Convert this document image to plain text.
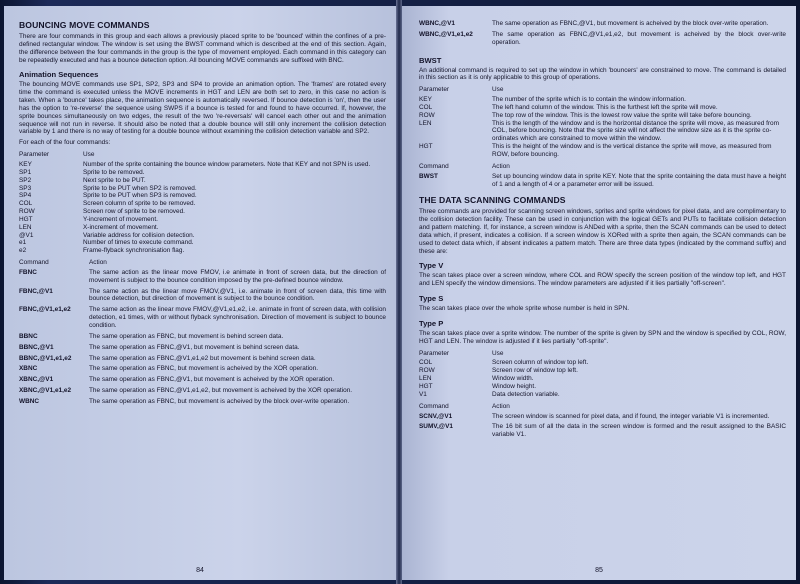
BOUNCING MOVE COMMANDS

There are four commands in this group and each allows a previously placed sprite to be 'bounced' within the confines of a pre-defined rectangular window. The window is set using the BWST command which is described at the end of this section. Again, the difference between the four commands in the group is the type of movement employed. Each command in this category can be repeatedly executed and has a bounce detection option. All bouncing MOVE commands are suffixed with BNC.

Animation Sequences

The bouncing MOVE commands use SP1, SP2, SP3 and SP4 to provide an animation option. The 'frames' are rotated every time the command is executed unless the MOVE increments in HGT and LEN are both set to zero, in this case no action is taken. When a 'bounce' takes place, the animation sequence is automatically reversed. If bounce detection is 'on', then the user has the option to 're-reverse' the sequence using SWPS if a bounce is tested for and found to have occurred. If, however, the sprite bounces simultaneously on two edges, the result of the two 're-reversals' will cancel each other out and the animation sequence will not run in reverse. It should also be noted that a double bounce will still only increment the collision detection variable by 1 and there is no way of testing for a double bounce without examining the collision detection variable and SP2.

For each of the four commands:

Parameter	Use
KEY	Number of the sprite containing the bounce window parameters. Note that KEY and not SPN is used.
SP1	Sprite to be removed.
SP2	Next sprite to be PUT.
SP3	Sprite to be PUT when SP2 is removed.
SP4	Sprite to be PUT when SP3 is removed.
COL	Screen column of sprite to be removed.
ROW	Screen row of sprite to be removed.
HGT	Y-increment of movement.
LEN	X-increment of movement.
@V1	Variable address for collision detection.
e1	Number of times to execute command.
e2	Frame-flyback synchronisation flag.
Command	Action
FBNC	The same action as the linear move FMOV, i.e animate in front of screen data, but the direction of movement is subject to the bounce condition imposed by the pre-defined bounce window.
FBNC,@V1	The same action as the linear move FMOV,@V1, i.e. animate in front of screen data, this time with bounce detection, but direction of movement is subject to the bounce condition.
FBNC,@V1,e1,e2	The same action as the linear move FMOV,@V1,e1,e2, i.e. animate in front of screen data, with collision detection, e1 times, with or without flyback synchronisation. Direction of movement is subject to bounce condition.
BBNC	The same operation as FBNC, but movement is behind screen data.
BBNC,@V1	The same operation as FBNC,@V1, but movement is behind screen data.
BBNC,@V1,e1,e2	The same operation as FBNC,@V1,e1,e2 but movement is behind screen data.
XBNC	The same operation as FBNC, but movement is acheived by the XOR operation.
XBNC,@V1	The same operation as FBNC,@V1, but movement is acheived by the XOR operation.
XBNC,@V1,e1,e2	The same operation as FBNC,@V1,e1,e2, but movement is acheived by the XOR operation.
WBNC	The same operation as FBNC, but movement is acheived by the block over-write operation.
84
WBNC,@V1	The same operation as FBNC,@V1, but movement is acheived by the block over-write operation.
WBNC,@V1,e1,e2	The same operation as FBNC,@V1,e1,e2, but movement is acheived by the block over-write operation.
BWST

An additional command is required to set up the window in which 'bouncers' are constrained to move. The command is detailed in this section as it is only applicable to this group of operations.

Parameter	Use
KEY	The number of the sprite which is to contain the window information.
COL	The left hand column of the window. This is the furthest left the sprite will move.
ROW	The top row of the window. This is the lowest row value the sprite will take before bouncing.
LEN	This is the length of the window and is the horizontal distance the sprite will move, as measured from COL, before bouncing. Note that the sprite size will not affect the window size as it is the sprite co-ordinates which are constrained to move within the window.
HGT	This is the height of the window and is the vertical distance the sprite will move, as measured from ROW, before bouncing.
Command	Action
BWST	Set up bouncing window data in sprite KEY. Note that the sprite containing the data must have a height of 1 and a length of 4 or a parameter error will be issued.
THE DATA SCANNING COMMANDS

Three commands are provided for scanning screen windows, sprites and sprite windows for pixel data, and are complimentary to the collision detection facility. These can be used in conjunction with the logical GETs and PUTs to facilitate collision detection and pattern matching. If, for instance, a screen window is ANDed with a sprite, then the SCAN commands can be used to detect data which, if present, indicates a collision. If a screen window is XORed with a sprite then again, the SCAN commands can be used to detect data which, if absent indicates a pattern match. There are three data types (indicated by the command suffix) and these are:

Type V

The scan takes place over a screen window, where COL and ROW specify the screen position of the window top left, and HGT and LEN specify the window dimensions. The window parameters are adjusted if it lies partially "off-screen".

Type S

The scan takes place over the whole sprite whose number is held in SPN.

Type P

The scan takes place over a sprite window. The number of the sprite is given by SPN and the window is specified by COL, ROW, HGT and LEN. The window is adjusted if it lies partially "off-sprite".

Parameter	Use
COL	Screen column of window top left.
ROW	Screen row of window top left.
LEN	Window width.
HGT	Window height.
V1	Data detection variable.
Command	Action
SCNV,@V1	The screen window is scanned for pixel data, and if found, the integer variable V1 is incremented.
SUMV,@V1	The 16 bit sum of all the data in the screen window is formed and the result assigned to the BASIC variable V1.
85
